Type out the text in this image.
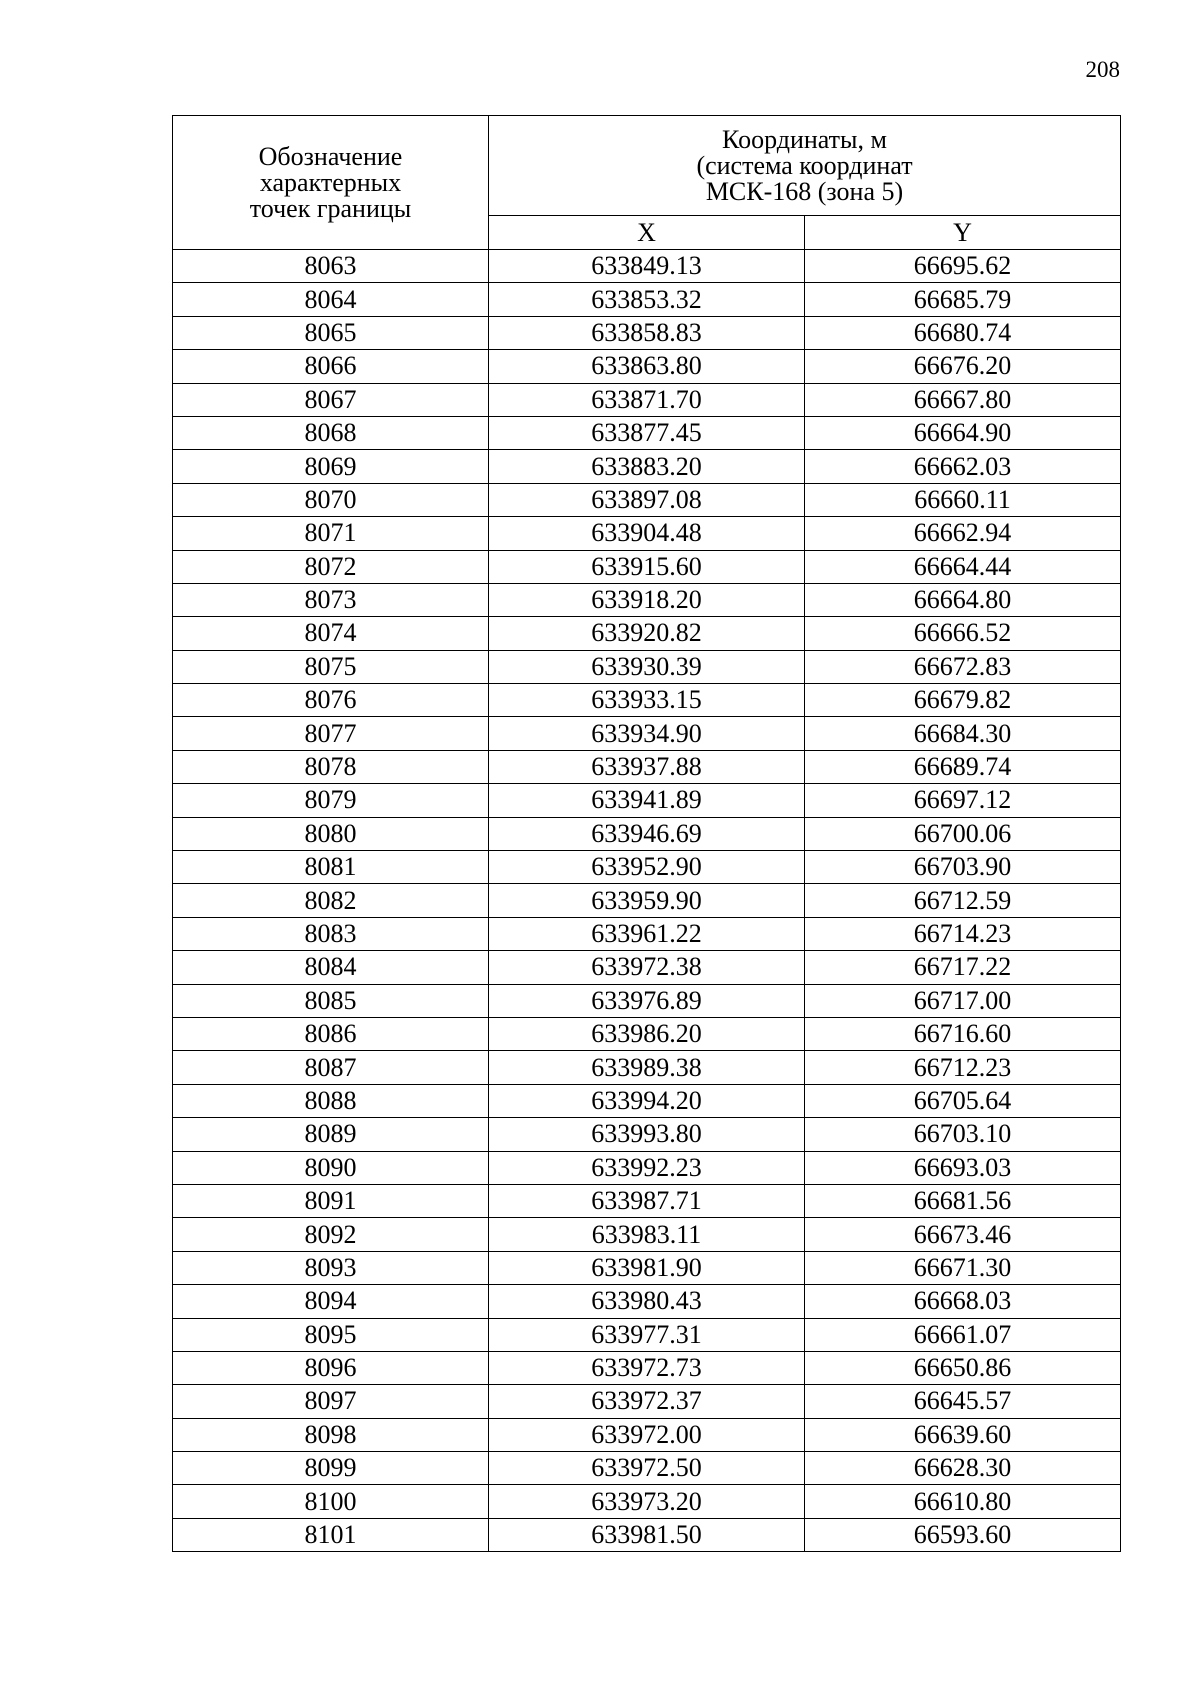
208
Обозначение
характерных
точек границы	Координаты, м
(система координат
МСК-168 (зона 5)	

	X	Y
8063	633849.13	66695.62
8064	633853.32	66685.79
8065	633858.83	66680.74
8066	633863.80	66676.20
8067	633871.70	66667.80
8068	633877.45	66664.90
8069	633883.20	66662.03
8070	633897.08	66660.11
8071	633904.48	66662.94
8072	633915.60	66664.44
8073	633918.20	66664.80
8074	633920.82	66666.52
8075	633930.39	66672.83
8076	633933.15	66679.82
8077	633934.90	66684.30
8078	633937.88	66689.74
8079	633941.89	66697.12
8080	633946.69	66700.06
8081	633952.90	66703.90
8082	633959.90	66712.59
8083	633961.22	66714.23
8084	633972.38	66717.22
8085	633976.89	66717.00
8086	633986.20	66716.60
8087	633989.38	66712.23
8088	633994.20	66705.64
8089	633993.80	66703.10
8090	633992.23	66693.03
8091	633987.71	66681.56
8092	633983.11	66673.46
8093	633981.90	66671.30
8094	633980.43	66668.03
8095	633977.31	66661.07
8096	633972.73	66650.86
8097	633972.37	66645.57
8098	633972.00	66639.60
8099	633972.50	66628.30
8100	633973.20	66610.80
8101	633981.50	66593.60
